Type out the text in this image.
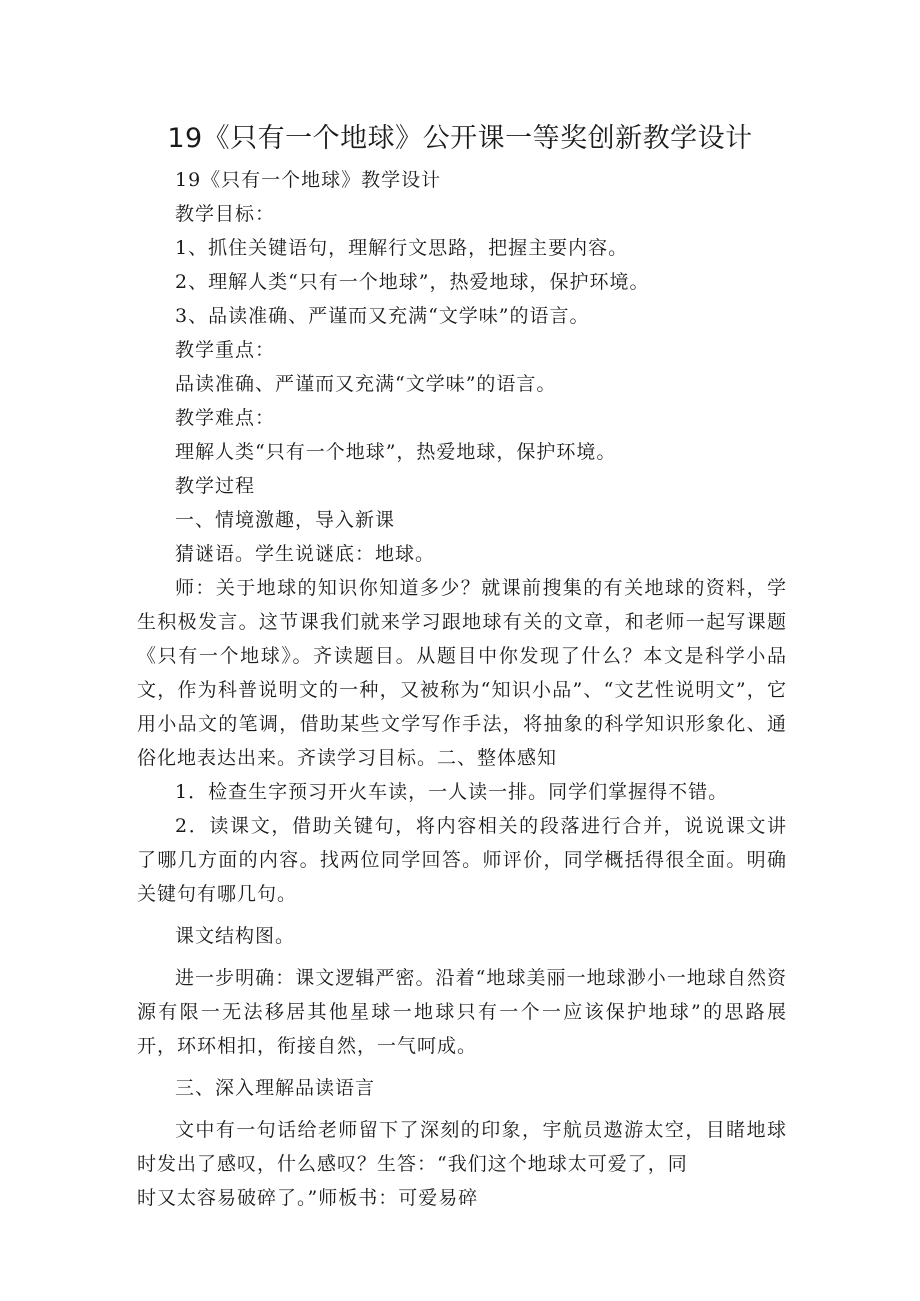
19《只有一个地球》公开课一等奖创新教学设计
19《只有一个地球》教学设计
教学目标：
1、抓住关键语句，理解行文思路，把握主要内容。
2、理解人类“只有一个地球”，热爱地球，保护环境。
3、品读准确、严谨而又充满“文学味”的语言。
教学重点：
品读准确、严谨而又充满“文学味”的语言。
教学难点：
理解人类“只有一个地球”，热爱地球，保护环境。
教学过程
一、情境激趣，导入新课
猜谜语。学生说谜底：地球。
师：关于地球的知识你知道多少？就课前搜集的有关地球的资料，学生积极发言。这节课我们就来学习跟地球有关的文章，和老师一起写课题《只有一个地球》。齐读题目。从题目中你发现了什么？本文是科学小品文，作为科普说明文的一种，又被称为“知识小品”、“文艺性说明文”，它用小品文的笔调，借助某些文学写作手法，将抽象的科学知识形象化、通俗化地表达出来。齐读学习目标。二、整体感知
1．检查生字预习开火车读，一人读一排。同学们掌握得不错。
2．读课文，借助关键句，将内容相关的段落进行合并，说说课文讲了哪几方面的内容。找两位同学回答。师评价，同学概括得很全面。明确关键句有哪几句。
课文结构图。
进一步明确：课文逻辑严密。沿着“地球美丽一地球渺小一地球自然资源有限一无法移居其他星球一地球只有一个一应该保护地球”的思路展开，环环相扣，衔接自然，一气呵成。
三、深入理解品读语言
文中有一句话给老师留下了深刻的印象，宇航员遨游太空，目睹地球时发出了感叹，什么感叹？生答：“我们这个地球太可爱了，同
时又太容易破碎了。”师板书：可爱易碎
